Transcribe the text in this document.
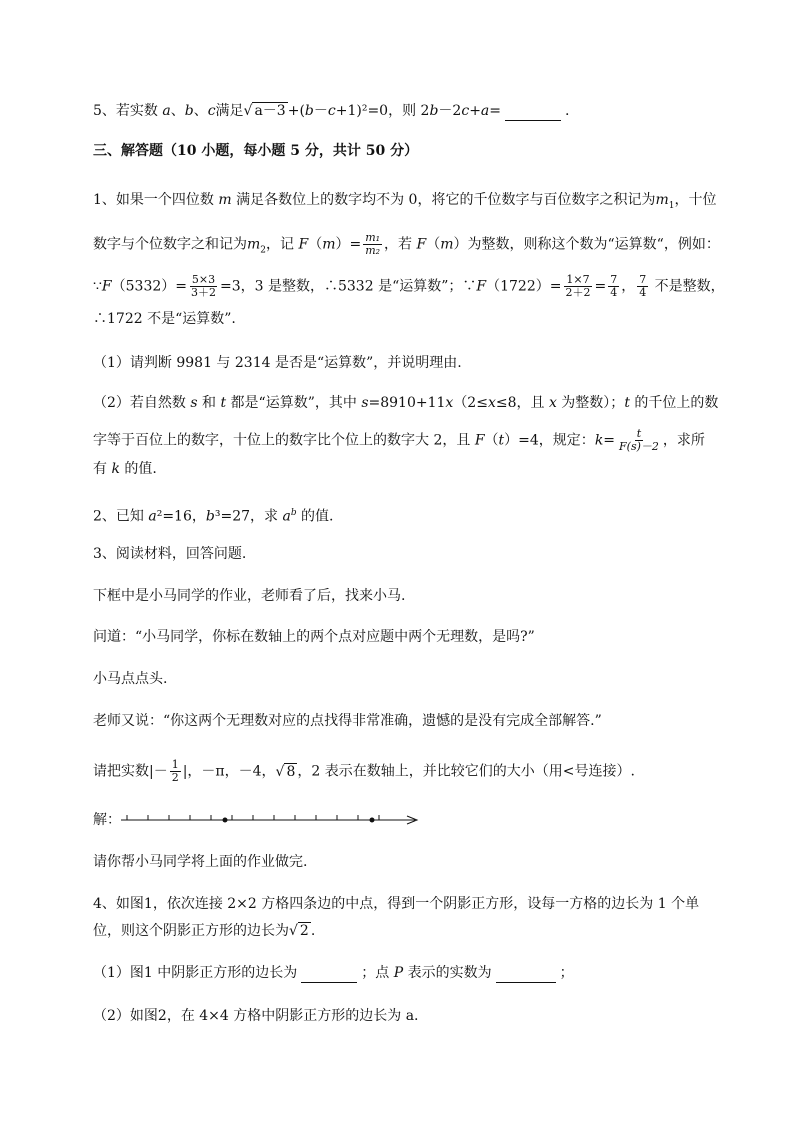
5、若实数 a、b、c满足√ a－3 +(b－c+1)²=0，则 2b－2c+a=	.
三、解答题（10 小题，每小题 5 分，共计 50 分）
1、如果一个四位数 m 满足各数位上的数字均不为 0，将它的千位数字与百位数字之积记为$m_1$，十位
数字与个位数字之和记为$m_2$，记 $F(m)= \frac{\text{m₁}}{\text{m₂}}$ ，若 F（m）为整数，则称这个数为“运算数“，例如：
∵F（5332）= $\frac{5\times 3}{3+2} =3$，3 是整数，∴5332 是“运算数”；∵F（1722）= $\frac{1\times 7}{2+2} = \frac{7}{4}$ ， $\frac{7}{4}$ 不是整数，
∴1722 不是“运算数”.
（1）请判断 9981 与 2314 是否是“运算数”，并说明理由.
（2）若自然数 s 和 t 都是“运算数”，其中 s=8910+11x（2≤x≤8，且 x 为整数）；t 的千位上的数
字等于百位上的数字，十位上的数字比个位上的数字大 2，且 F（t）=4，规定：$k= \frac{t}{F(s)-2}$ ，求所
有 k 的值.
2、已知 a²=16，b³=27，求 $a^b$ 的值.
3、阅读材料，回答问题.
下框中是小马同学的作业，老师看了后，找来小马.
问道：“小马同学，你标在数轴上的两个点对应题中两个无理数，是吗?”
小马点点头.
老师又说：“你这两个无理数对应的点找得非常准确，遗憾的是没有完成全部解答.”
请把实数|－ $\frac{1}{2}$ |，－π，－4，√ 8 ，2 表示在数轴上，并比较它们的大小（用<号连接）.
解：
请你帮小马同学将上面的作业做完.
4、如图1，依次连接 2×2 方格四条边的中点，得到一个阴影正方形，设每一方格的边长为 1 个单
位，则这个阴影正方形的边长为√ 2 .
（1）图1 中阴影正方形的边长为	；点 P 表示的实数为	；
（2）如图2，在 4×4 方格中阴影正方形的边长为 a.
